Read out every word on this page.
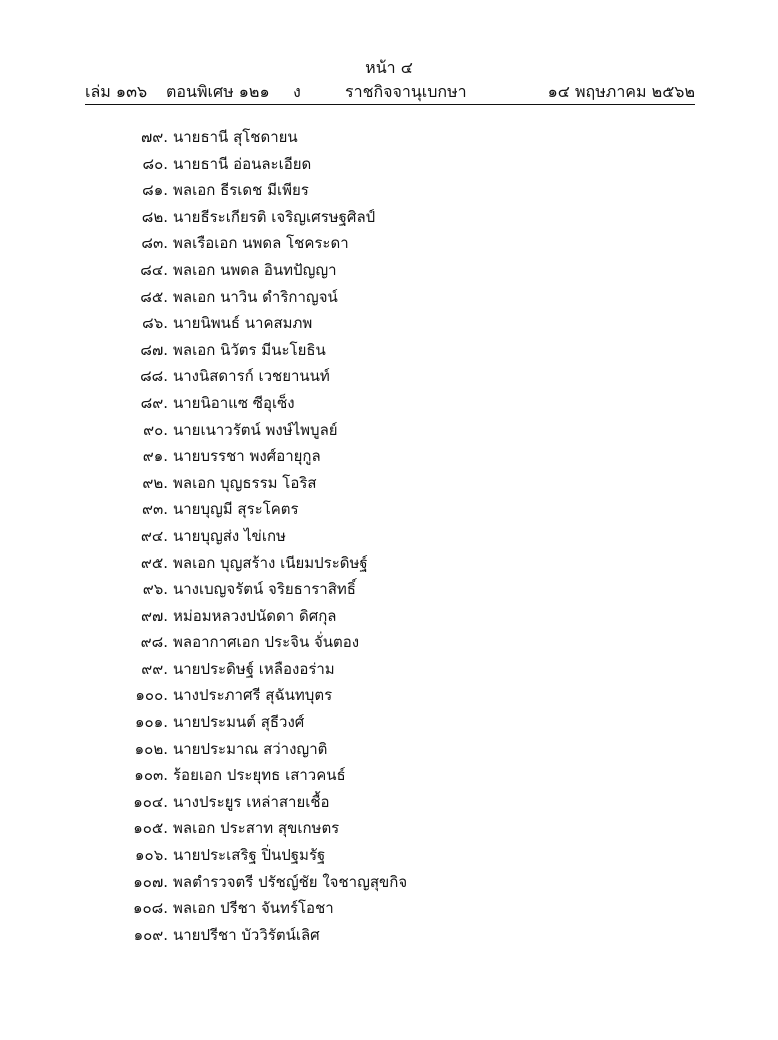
หน้า ๔
เล่ม ๑๓๖ ตอนพิเศษ ๑๒๑ ง	ราชกิจจานุเบกษา	๑๔ พฤษภาคม ๒๕๖๒
๗๙. นายธานี สุโชดายน
๘๐. นายธานี อ่อนละเอียด
๘๑. พลเอก ธีรเดช มีเพียร
๘๒. นายธีระเกียรติ เจริญเศรษฐศิลป์
๘๓. พลเรือเอก นพดล โชคระดา
๘๔. พลเอก นพดล อินทปัญญา
๘๕. พลเอก นาวิน ดำริกาญจน์
๘๖. นายนิพนธ์ นาคสมภพ
๘๗. พลเอก นิวัตร มีนะโยธิน
๘๘. นางนิสดารก์ เวชยานนท์
๘๙. นายนิอาแซ ซีอุเซ็ง
๙๐. นายเนาวรัตน์ พงษ์ไพบูลย์
๙๑. นายบรรชา พงศ์อายุกูล
๙๒. พลเอก บุญธรรม โอริส
๙๓. นายบุญมี สุระโคตร
๙๔. นายบุญส่ง ไข่เกษ
๙๕. พลเอก บุญสร้าง เนียมประดิษฐ์
๙๖. นางเบญจรัตน์ จริยธาราสิทธิ์
๙๗. หม่อมหลวงปนัดดา ดิศกุล
๙๘. พลอากาศเอก ประจิน จั่นตอง
๙๙. นายประดิษฐ์ เหลืองอร่าม
๑๐๐. นางประภาศรี สุฉันทบุตร
๑๐๑. นายประมนต์ สุธีวงศ์
๑๐๒. นายประมาณ สว่างญาติ
๑๐๓. ร้อยเอก ประยุทธ เสาวคนธ์
๑๐๔. นางประยูร เหล่าสายเชื้อ
๑๐๕. พลเอก ประสาท สุขเกษตร
๑๐๖. นายประเสริฐ ปิ่นปฐมรัฐ
๑๐๗. พลตำรวจตรี ปรัชญ์ชัย ใจชาญสุขกิจ
๑๐๘. พลเอก ปรีชา จันทร์โอชา
๑๐๙. นายปรีชา บัววิรัตน์เลิศ
